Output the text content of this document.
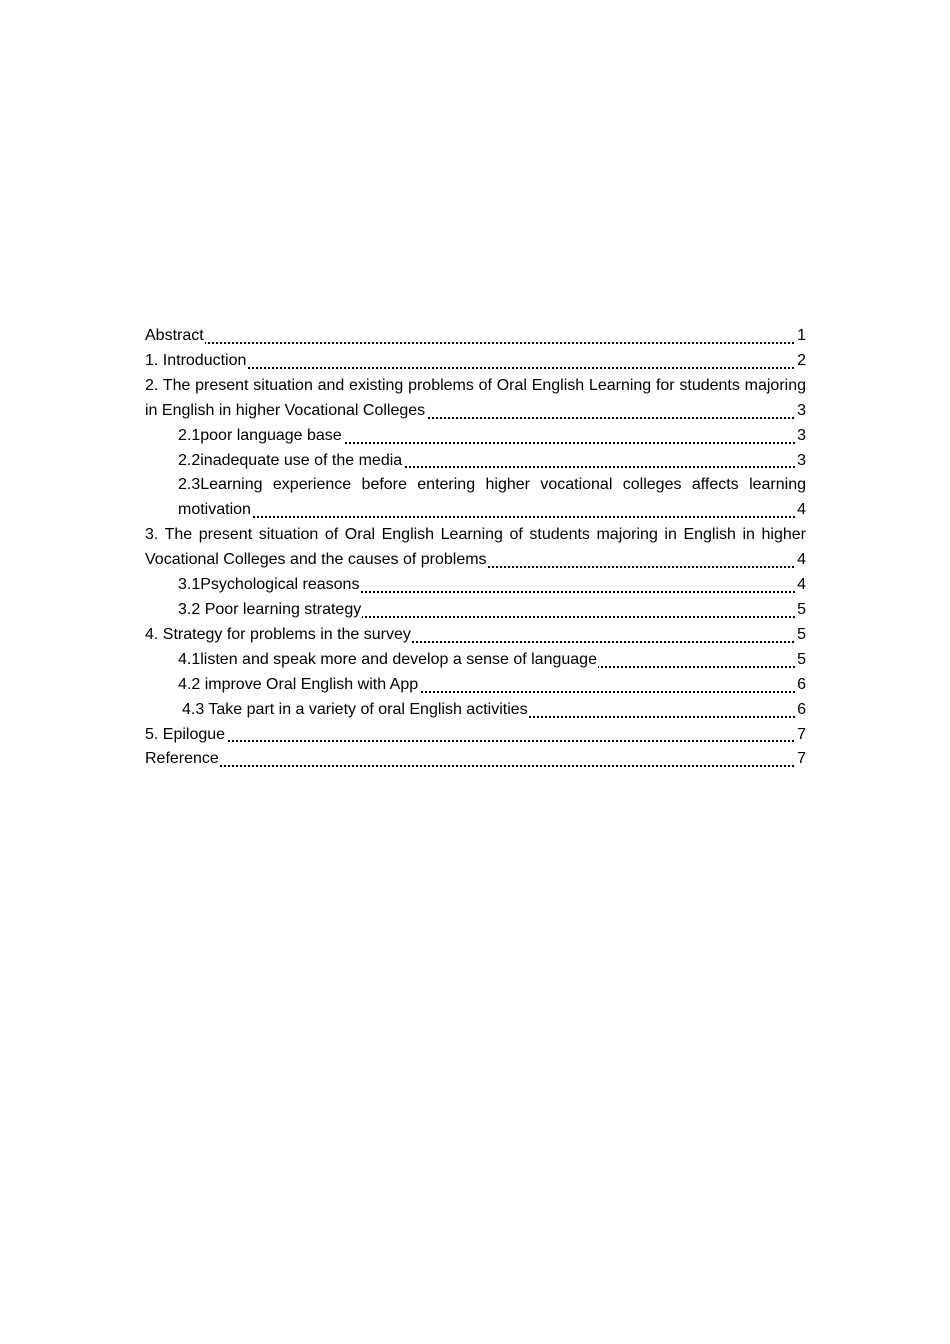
Abstract	1
1. Introduction	2
2. The present situation and existing problems of Oral English Learning for students majoring in English in higher Vocational Colleges	3
2.1poor language base	3
2.2inadequate use of the media	3
2.3Learning experience before entering higher vocational colleges affects learning motivation	4
3. The present situation of Oral English Learning of students majoring in English in higher Vocational Colleges and the causes of problems	4
3.1Psychological reasons	4
3.2 Poor learning strategy	5
4. Strategy for problems in the survey	5
4.1listen and speak more and develop a sense of language	5
4.2 improve Oral English with App	6
4.3 Take part in a variety of oral English activities	6
5. Epilogue	7
Reference	7
